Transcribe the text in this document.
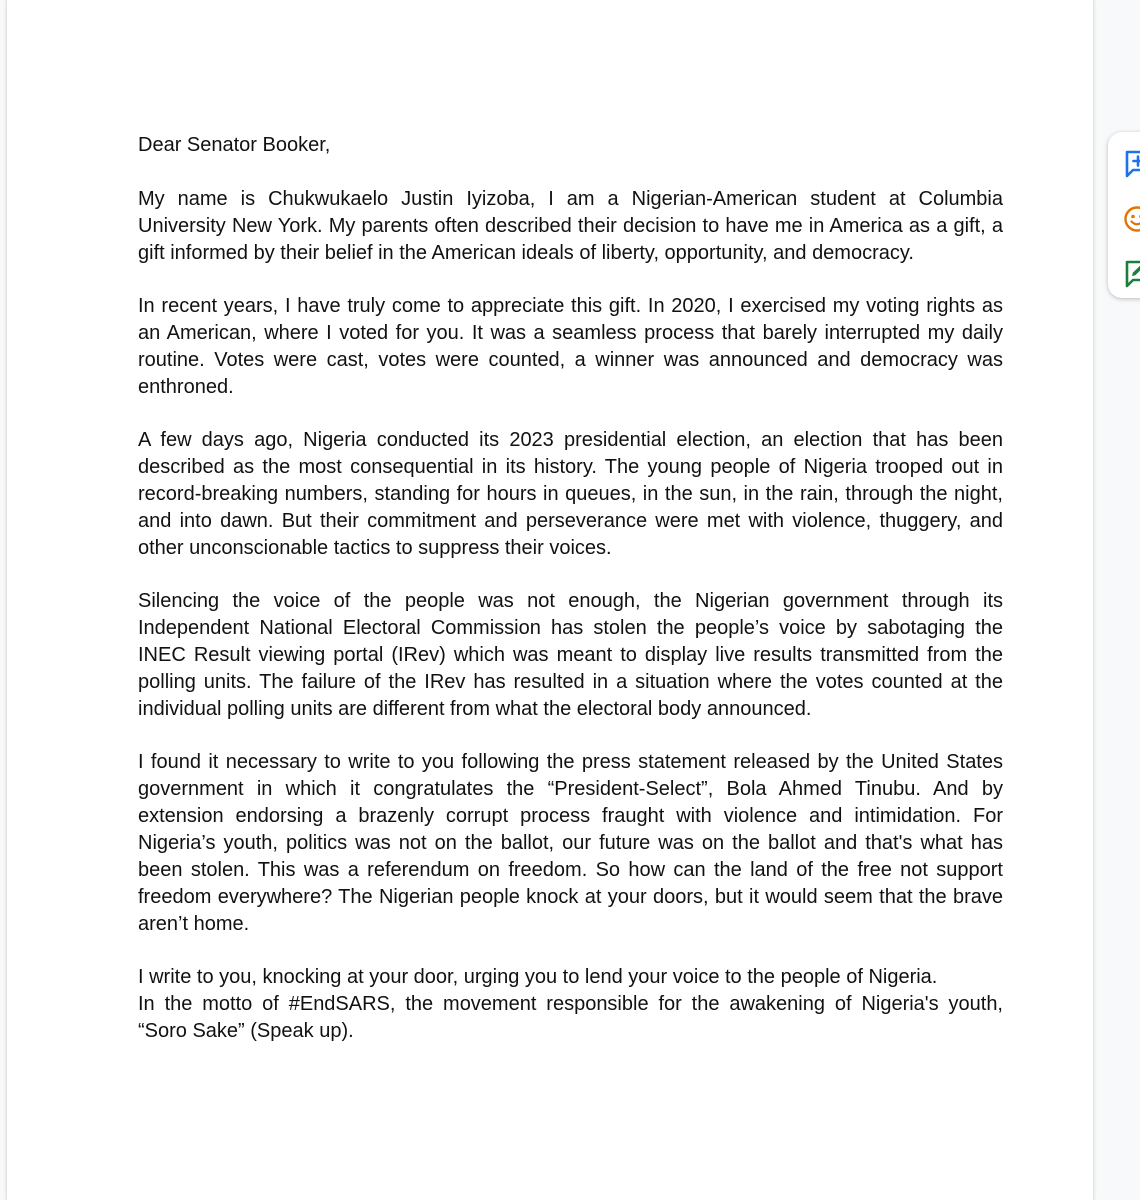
Dear Senator Booker,

My name is Chukwukaelo Justin Iyizoba, I am a Nigerian-American student at Columbia University New York. My parents often described their decision to have me in America as a gift, a gift informed by their belief in the American ideals of liberty, opportunity, and democracy.

In recent years, I have truly come to appreciate this gift. In 2020, I exercised my voting rights as an American, where I voted for you. It was a seamless process that barely interrupted my daily routine. Votes were cast, votes were counted, a winner was announced and democracy was enthroned.

A few days ago, Nigeria conducted its 2023 presidential election, an election that has been described as the most consequential in its history. The young people of Nigeria trooped out in record-breaking numbers, standing for hours in queues, in the sun, in the rain, through the night, and into dawn. But their commitment and perseverance were met with violence, thuggery, and other unconscionable tactics to suppress their voices.

Silencing the voice of the people was not enough, the Nigerian government through its Independent National Electoral Commission has stolen the people’s voice by sabotaging the INEC Result viewing portal (IRev) which was meant to display live results transmitted from the polling units. The failure of the IRev has resulted in a situation where the votes counted at the individual polling units are different from what the electoral body announced.

I found it necessary to write to you following the press statement released by the United States government in which it congratulates the “President-Select”, Bola Ahmed Tinubu. And by extension endorsing a brazenly corrupt process fraught with violence and intimidation. For Nigeria’s youth, politics was not on the ballot, our future was on the ballot and that's what has been stolen. This was a referendum on freedom. So how can the land of the free not support freedom everywhere? The Nigerian people knock at your doors, but it would seem that the brave aren’t home.

I write to you, knocking at your door, urging you to lend your voice to the people of Nigeria.
In the motto of #EndSARS, the movement responsible for the awakening of Nigeria's youth,
“Soro Sake” (Speak up).
